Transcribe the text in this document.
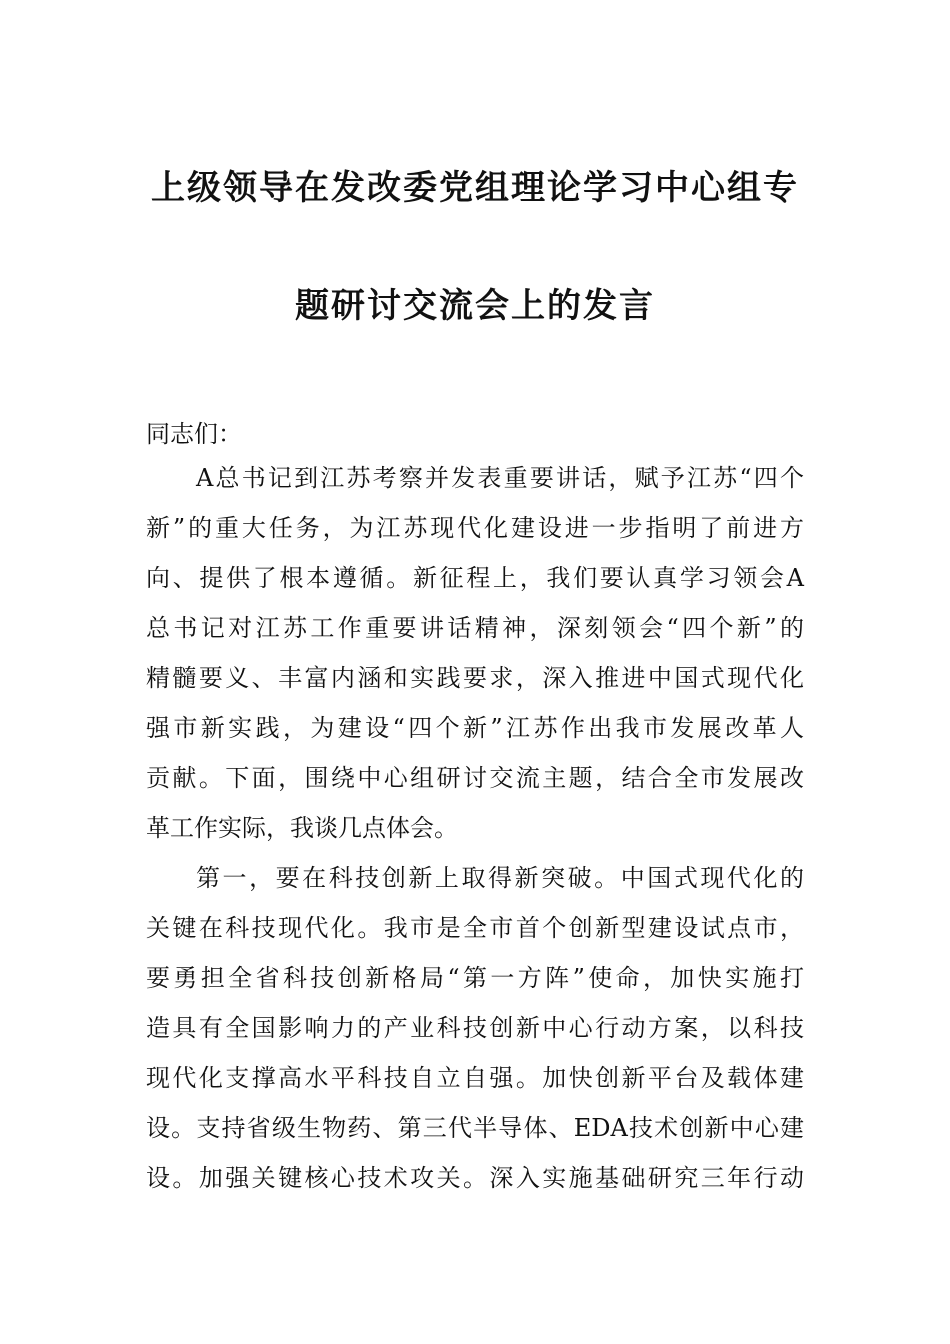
上级领导在发改委党组理论学习中心组专
题研讨交流会上的发言
同志们：
A总书记到江苏考察并发表重要讲话，赋予江苏“四个
新”的重大任务，为江苏现代化建设进一步指明了前进方
向、提供了根本遵循。新征程上，我们要认真学习领会A
总书记对江苏工作重要讲话精神，深刻领会“四个新”的
精髓要义、丰富内涵和实践要求，深入推进中国式现代化
强市新实践，为建设“四个新”江苏作出我市发展改革人
贡献。下面，围绕中心组研讨交流主题，结合全市发展改
革工作实际，我谈几点体会。
第一，要在科技创新上取得新突破。中国式现代化的
关键在科技现代化。我市是全市首个创新型建设试点市，
要勇担全省科技创新格局“第一方阵”使命，加快实施打
造具有全国影响力的产业科技创新中心行动方案，以科技
现代化支撑高水平科技自立自强。加快创新平台及载体建
设。支持省级生物药、第三代半导体、EDA技术创新中心建
设。加强关键核心技术攻关。深入实施基础研究三年行动
